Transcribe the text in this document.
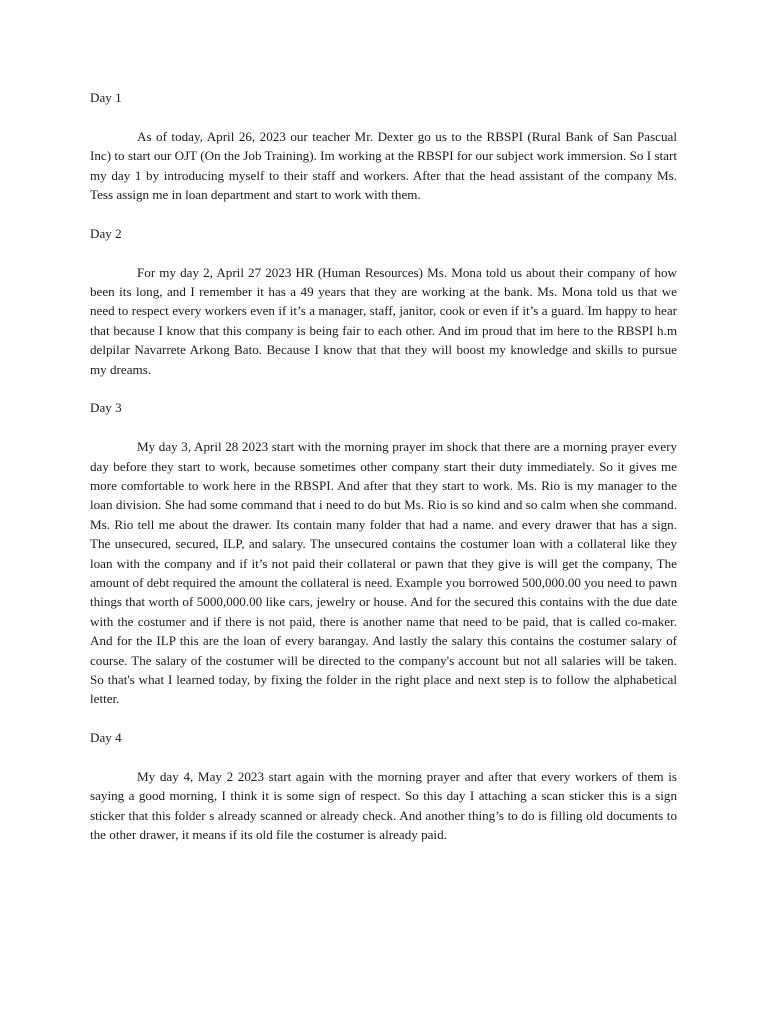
Day 1

As of today, April 26, 2023 our teacher Mr. Dexter go us to the RBSPI (Rural Bank of San Pascual Inc) to start our OJT (On the Job Training). Im working at the RBSPI for our subject work immersion. So I start my day 1 by introducing myself to their staff and workers. After that the head assistant of the company Ms. Tess assign me in loan department and start to work with them.

Day 2

For my day 2, April 27 2023 HR (Human Resources) Ms. Mona told us about their company of how been its long, and I remember it has a 49 years that they are working at the bank. Ms. Mona told us that we need to respect every workers even if it’s a manager, staff, janitor, cook or even if it’s a guard. Im happy to hear that because I know that this company is being fair to each other. And im proud that im here to the RBSPI h.m delpilar Navarrete Arkong Bato. Because I know that that they will boost my knowledge and skills to pursue my dreams.

Day 3

My day 3, April 28 2023 start with the morning prayer im shock that there are a morning prayer every day before they start to work, because sometimes other company start their duty immediately. So it gives me more comfortable to work here in the RBSPI. And after that they start to work. Ms. Rio is my manager to the loan division. She had some command that i need to do but Ms. Rio is so kind and so calm when she command. Ms. Rio tell me about the drawer. Its contain many folder that had a name. and every drawer that has a sign. The unsecured, secured, ILP, and salary. The unsecured contains the costumer loan with a collateral like they loan with the company and if it’s not paid their collateral or pawn that they give is will get the company, The amount of debt required the amount the collateral is need. Example you borrowed 500,000.00 you need to pawn things that worth of 5000,000.00 like cars, jewelry or house. And for the secured this contains with the due date with the costumer and if there is not paid, there is another name that need to be paid, that is called co-maker. And for the ILP this are the loan of every barangay. And lastly the salary this contains the costumer salary of course. The salary of the costumer will be directed to the company's account but not all salaries will be taken. So that's what I learned today, by fixing the folder in the right place and next step is to follow the alphabetical letter.

Day 4

My day 4, May 2 2023 start again with the morning prayer and after that every workers of them is saying a good morning, I think it is some sign of respect. So this day I attaching a scan sticker this is a sign sticker that this folder s already scanned or already check. And another thing’s to do is filling old documents to the other drawer, it means if its old file the costumer is already paid.
